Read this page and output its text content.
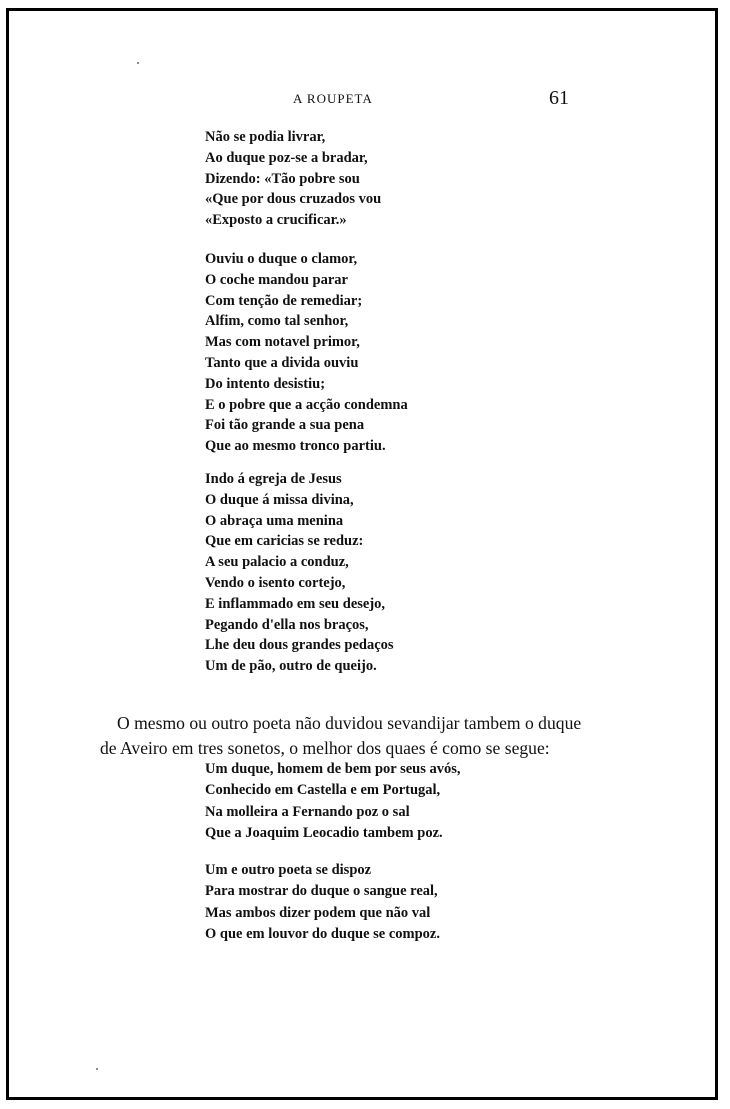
A ROUPETA	61
Não se podia livrar,
Ao duque poz-se a bradar,
Dizendo: «Tão pobre sou
«Que por dous cruzados vou
«Exposto a crucificar.»
Ouviu o duque o clamor,
O coche mandou parar
Com tenção de remediar;
Alfim, como tal senhor,
Mas com notavel primor,
Tanto que a divida ouviu
Do intento desistiu;
E o pobre que a acção condemna
Foi tão grande a sua pena
Que ao mesmo tronco partiu.
Indo á egreja de Jesus
O duque á missa divina,
O abraça uma menina
Que em caricias se reduz:
A seu palacio a conduz,
Vendo o isento cortejo,
E inflammado em seu desejo,
Pegando d'ella nos braços,
Lhe deu dous grandes pedaços
Um de pão, outro de queijo.

O mesmo ou outro poeta não duvidou sevandijar tambem o duque
de Aveiro em tres sonetos, o melhor dos quaes é como se segue:

Um duque, homem de bem por seus avós,
Conhecido em Castella e em Portugal,
Na molleira a Fernando poz o sal
Que a Joaquim Leocadio tambem poz.
Um e outro poeta se dispoz
Para mostrar do duque o sangue real,
Mas ambos dizer podem que não val
O que em louvor do duque se compoz.
